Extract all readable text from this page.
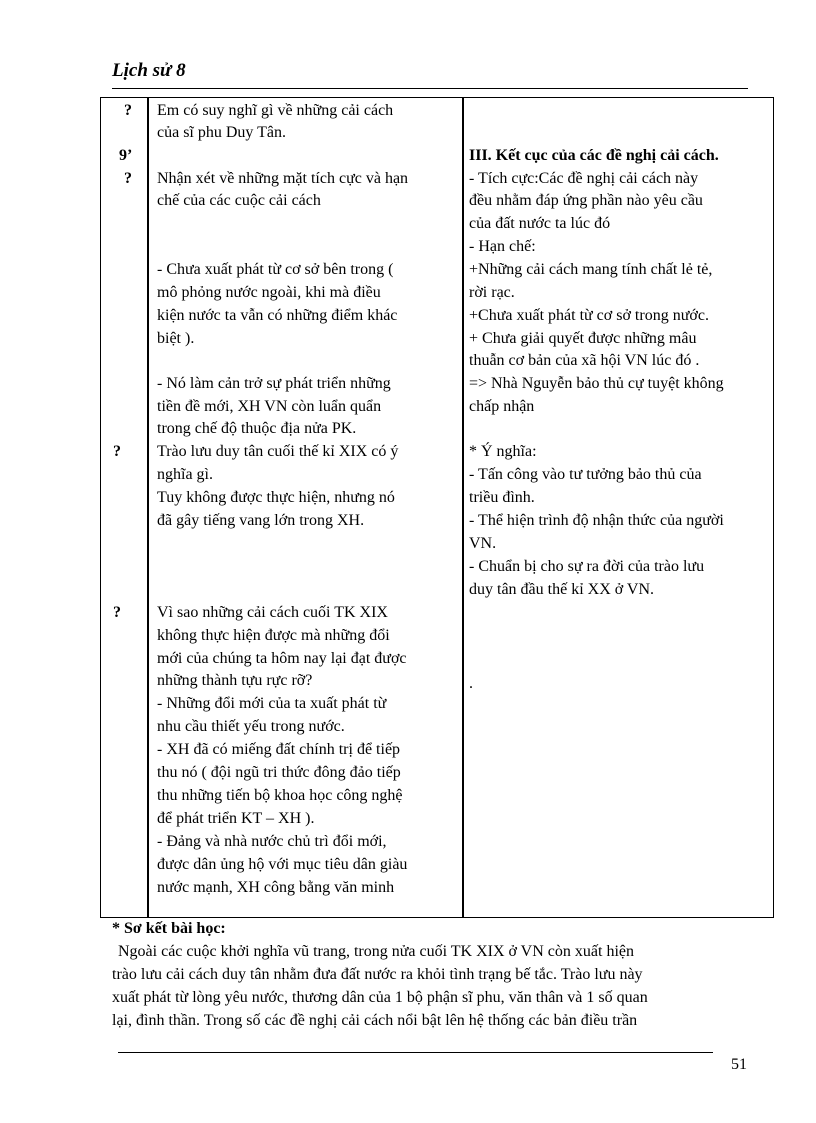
Lịch sử 8
?
9’
?
?
?
Em có suy nghĩ gì về những cải cách
của sĩ phu Duy Tân.
Nhận xét về những mặt tích cực và hạn
chế của các cuộc cải cách
- Chưa xuất phát từ cơ sở bên trong (
mô phỏng nước ngoài, khi mà điều
kiện nước ta vẫn có những điểm khác
biệt ).
- Nó làm cản trở sự phát triển những
tiền đề mới, XH VN còn luẩn quẩn
trong chế độ thuộc địa nửa PK.
Trào lưu duy tân cuối thế kỉ XIX có ý
nghĩa gì.
Tuy không được thực hiện, nhưng nó
đã gây tiếng vang lớn trong XH.
Vì sao những cải cách cuối TK XIX
không thực hiện được mà những đổi
mới của chúng ta hôm nay lại đạt được
những thành tựu rực rỡ?
- Những đổi mới của ta xuất phát từ
nhu cầu thiết yếu trong nước.
- XH đã có miếng đất chính trị để tiếp
thu nó ( đội ngũ tri thức đông đảo tiếp
thu những tiến bộ khoa học công nghệ
để phát triển KT – XH ).
- Đảng và nhà nước chủ trì đổi mới,
được dân ủng hộ với mục tiêu dân giàu
nước mạnh, XH công bằng văn minh
III. Kết cục của các đề nghị cải cách.
- Tích cực:Các đề nghị cải cách này
đều nhằm đáp ứng phần nào yêu cầu
của đất nước ta lúc đó
- Hạn chế:
+Những cải cách mang tính chất lẻ tẻ,
rời rạc.
+Chưa xuất phát từ cơ sở trong nước.
+ Chưa giải quyết được những mâu
thuẫn cơ bản của xã hội VN lúc đó .
=> Nhà Nguyễn bảo thủ cự tuyệt không
chấp nhận
* Ý nghĩa:
- Tấn công vào tư tưởng bảo thủ của
triều đình.
- Thể hiện trình độ nhận thức của người
VN.
- Chuẩn bị cho sự ra đời của trào lưu
duy tân đầu thế kỉ XX ở VN.
.
* Sơ kết bài học:
Ngoài các cuộc khởi nghĩa vũ trang, trong nửa cuối TK XIX ở VN còn xuất hiện
trào lưu cải cách duy tân nhằm đưa đất nước ra khỏi tình trạng bế tắc. Trào lưu này
xuất phát từ lòng yêu nước, thương dân của 1 bộ phận sĩ phu, văn thân và 1 số quan
lại, đình thần. Trong số các đề nghị cải cách nổi bật lên hệ thống các bản điều trần
51
